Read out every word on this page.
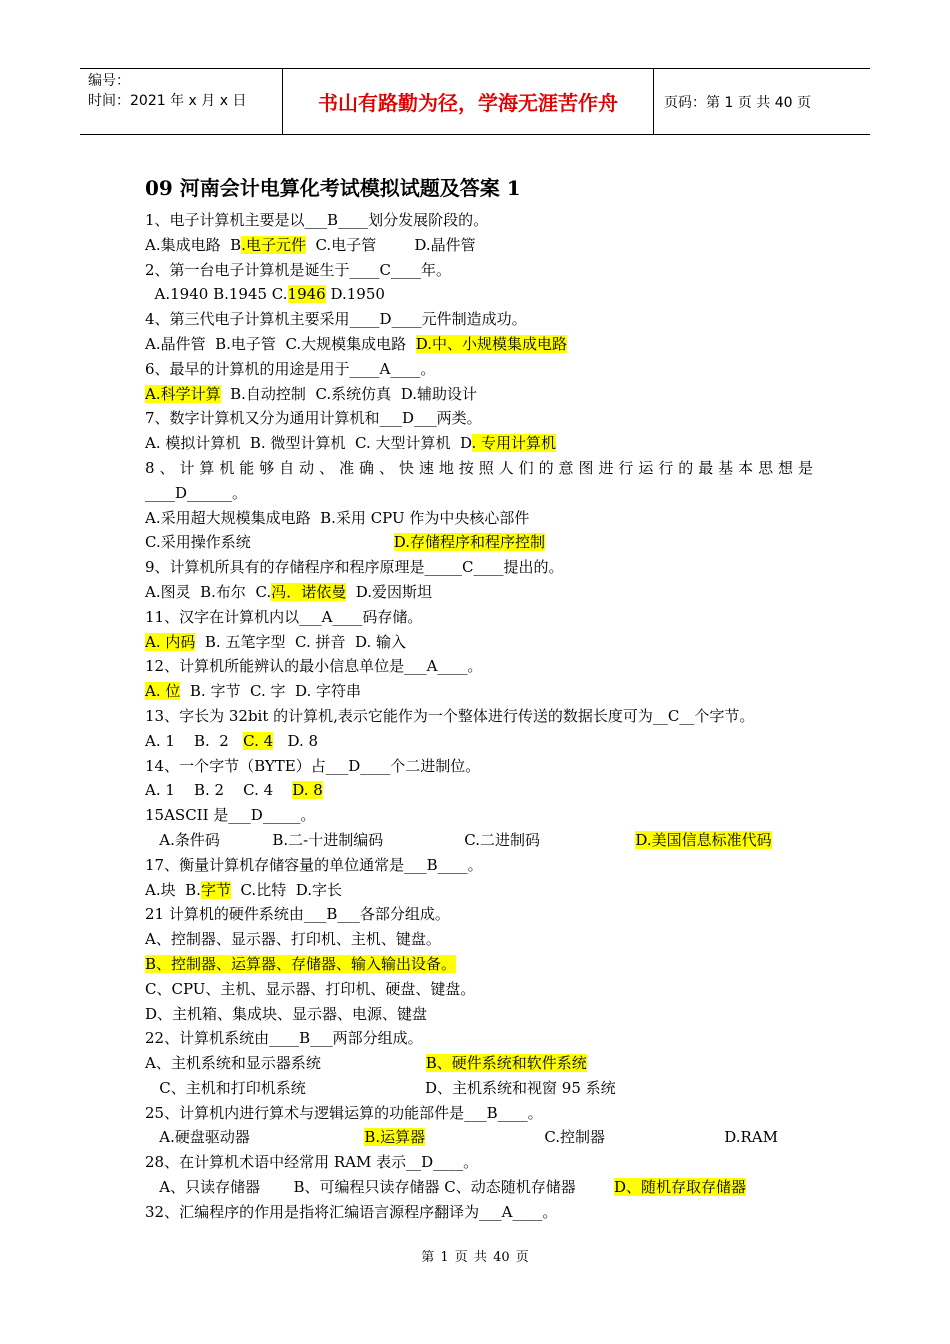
编号：
时间：2021 年 x 月 x 日	书山有路勤为径，学海无涯苦作舟	页码：第 1 页 共 40 页
09 河南会计电算化考试模拟试题及答案 1
1、电子计算机主要是以___B____划分发展阶段的。
A.集成电路  B.电子元件  C.电子管        D.晶件管
2、第一台电子计算机是诞生于____C____年。
A.1940 B.1945 C.1946 D.1950
4、第三代电子计算机主要采用____D____元件制造成功。
A.晶件管  B.电子管  C.大规模集成电路  D.中、小规模集成电路
6、最早的计算机的用途是用于____A____。
A.科学计算  B.自动控制  C.系统仿真  D.辅助设计
7、数字计算机又分为通用计算机和___D___两类。
A. 模拟计算机  B. 微型计算机  C. 大型计算机  D. 专用计算机
8、计算机能够自动、准确、快速地按照人们的意图进行运行的最基本思想是
____D______。
A.采用超大规模集成电路  B.采用 CPU 作为中央核心部件
C.采用操作系统                              D.存储程序和程序控制
9、计算机所具有的存储程序和程序原理是_____C____提出的。
A.图灵  B.布尔  C.冯．诺依曼  D.爱因斯坦
11、汉字在计算机内以___A____码存储。
A. 内码  B. 五笔字型  C. 拼音  D. 输入
12、计算机所能辨认的最小信息单位是___A____。
A. 位  B. 字节  C. 字  D. 字符串
13、字长为 32bit 的计算机,表示它能作为一个整体进行传送的数据长度可为__C__个字节。
A. 1    B.  2   C. 4   D. 8
14、一个字节（BYTE）占___D____个二进制位。
A. 1    B. 2    C. 4    D. 8
15ASCII 是___D_____。
A.条件码           B.二-十进制编码                 C.二进制码                    D.美国信息标准代码
17、衡量计算机存储容量的单位通常是___B____。
A.块  B.字节  C.比特  D.字长
21 计算机的硬件系统由___B___各部分组成。
A、控制器、显示器、打印机、主机、键盘。
B、控制器、运算器、存储器、输入输出设备。
C、CPU、主机、显示器、打印机、硬盘、键盘。
D、主机箱、集成块、显示器、电源、键盘
22、计算机系统由____B___两部分组成。
A、主机系统和显示器系统                      B、硬件系统和软件系统
C、主机和打印机系统                         D、主机系统和视窗 95 系统
25、计算机内进行算术与逻辑运算的功能部件是___B____。
A.硬盘驱动器                        B.运算器                         C.控制器                         D.RAM
28、在计算机术语中经常用 RAM 表示__D____。
A、只读存储器       B、可编程只读存储器 C、动态随机存储器        D、随机存取存储器
32、汇编程序的作用是指将汇编语言源程序翻译为___A____。
第 1 页 共 40 页
